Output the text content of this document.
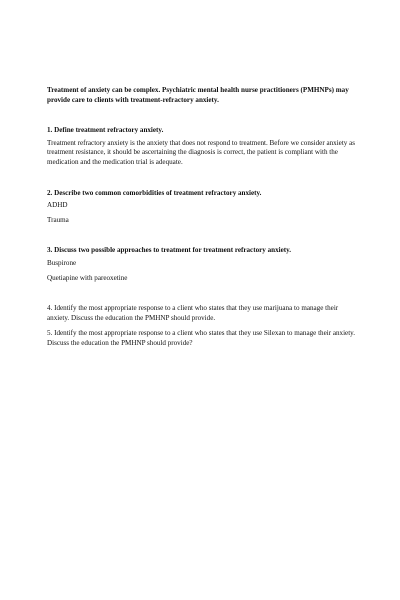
Treatment of anxiety can be complex. Psychiatric mental health nurse practitioners (PMHNPs) may provide care to clients with treatment-refractory anxiety.

1. Define treatment refractory anxiety.

Treatment refractory anxiety is the anxiety that does not respond to treatment. Before we consider anxiety as treatment resistance, it should be ascertaining the diagnosis is correct, the patient is compliant with the medication and the medication trial is adequate.

2. Describe two common comorbidities of treatment refractory anxiety.

ADHD

Trauma

3. Discuss two possible approaches to treatment for treatment refractory anxiety.

Buspirone

Quetiapine with pareoxetine

4. Identify the most appropriate response to a client who states that they use marijuana to manage their anxiety. Discuss the education the PMHNP should provide.

5. Identify the most appropriate response to a client who states that they use Silexan to manage their anxiety. Discuss the education the PMHNP should provide?
